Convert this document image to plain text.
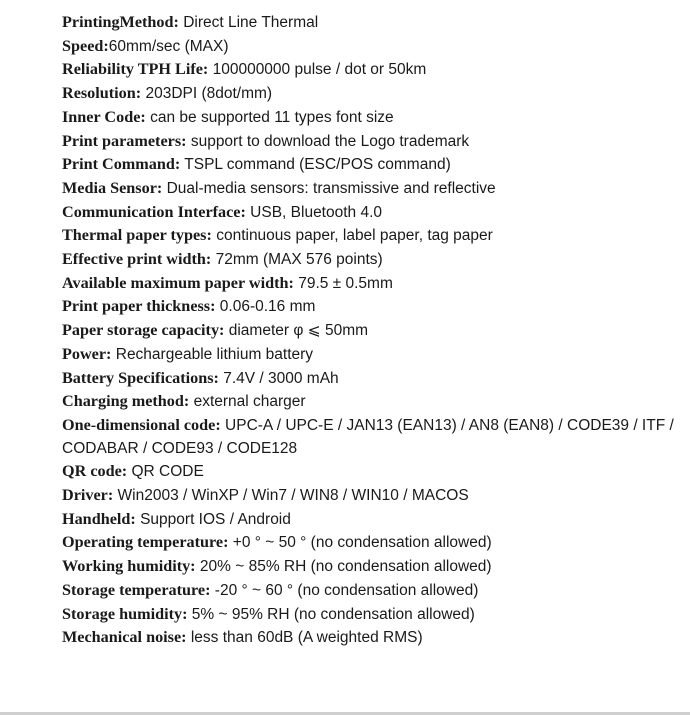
PrintingMethod: Direct Line Thermal
Speed:60mm/sec (MAX)
Reliability TPH Life: 100000000 pulse / dot or 50km
Resolution: 203DPI (8dot/mm)
Inner Code: can be supported 11 types font size
Print parameters: support to download the Logo trademark
Print Command: TSPL command (ESC/POS command)
Media Sensor: Dual-media sensors: transmissive and reflective
Communication Interface: USB, Bluetooth 4.0
Thermal paper types: continuous paper, label paper, tag paper
Effective print width: 72mm (MAX 576 points)
Available maximum paper width: 79.5 ± 0.5mm
Print paper thickness: 0.06-0.16 mm
Paper storage capacity: diameter φ ⩽ 50mm
Power: Rechargeable lithium battery
Battery Specifications: 7.4V / 3000 mAh
Charging method: external charger
One-dimensional code: UPC-A / UPC-E / JAN13 (EAN13) / AN8 (EAN8) / CODE39 / ITF / CODABAR / CODE93 / CODE128
QR code: QR CODE
Driver: Win2003 / WinXP / Win7 / WIN8 / WIN10 / MACOS
Handheld: Support IOS / Android
Operating temperature: +0 ° ~ 50 ° (no condensation allowed)
Working humidity: 20% ~ 85% RH (no condensation allowed)
Storage temperature: -20 ° ~ 60 ° (no condensation allowed)
Storage humidity: 5% ~ 95% RH (no condensation allowed)
Mechanical noise: less than 60dB (A weighted RMS)
